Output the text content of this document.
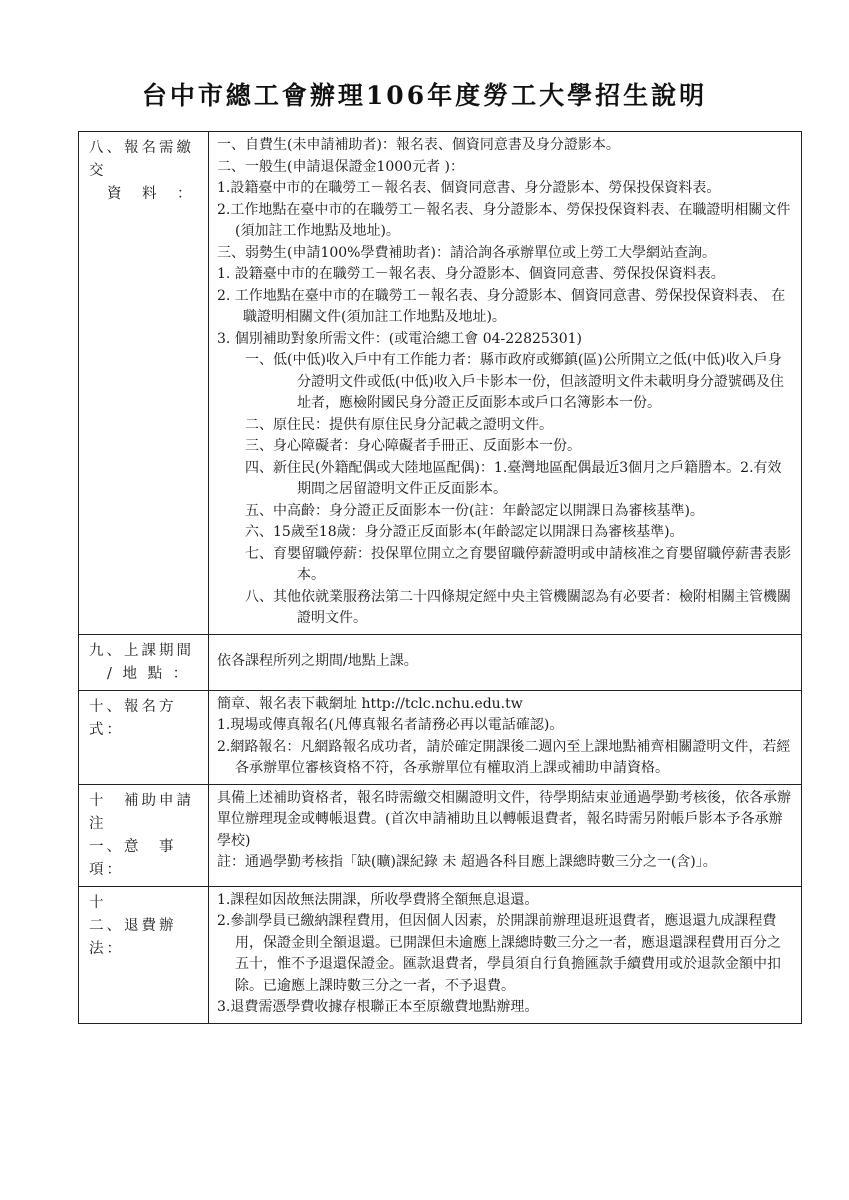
台中市總工會辦理106年度勞工大學招生說明
八、報名需繳交
資　料　：

一、自費生(未申請補助者)：報名表、個資同意書及身分證影本。

二、一般生(申請退保證金1000元者 )：

1.設籍臺中市的在職勞工－報名表、個資同意書、身分證影本、勞保投保資料表。

2.工作地點在臺中市的在職勞工－報名表、身分證影本、勞保投保資料表、在職證明相關文件(須加註工作地點及地址)。

三、弱勢生(申請100%學費補助者)：請洽詢各承辦單位或上勞工大學網站查詢。

1. 設籍臺中市的在職勞工－報名表、身分證影本、個資同意書、勞保投保資料表。

2. 工作地點在臺中市的在職勞工－報名表、身分證影本、個資同意書、勞保投保資料表、 在職證明相關文件(須加註工作地點及地址)。

3. 個別補助對象所需文件：(或電洽總工會 04-22825301)

一、低(中低)收入戶中有工作能力者：縣市政府或鄉鎮(區)公所開立之低(中低)收入戶身分證明文件或低(中低)收入戶卡影本一份，但該證明文件未載明身分證號碼及住址者，應檢附國民身分證正反面影本或戶口名簿影本一份。

二、原住民：提供有原住民身分記載之證明文件。

三、身心障礙者：身心障礙者手冊正、反面影本一份。

四、新住民(外籍配偶或大陸地區配偶)：1.臺灣地區配偶最近3個月之戶籍謄本。2.有效期間之居留證明文件正反面影本。

五、中高齡：身分證正反面影本一份(註：年齡認定以開課日為審核基準)。

六、15歲至18歲：身分證正反面影本(年齡認定以開課日為審核基準)。

七、育嬰留職停薪：投保單位開立之育嬰留職停薪證明或申請核准之育嬰留職停薪書表影本。

八、其他依就業服務法第二十四條規定經中央主管機關認為有必要者：檢附相關主管機關證明文件。

九、上課期間
/ 地 點 ：

依各課程所列之期間/地點上課。

十、報名方式：

簡章、報名表下載網址 http://tclc.nchu.edu.tw

1.現場或傳真報名(凡傳真報名者請務必再以電話確認)。

2.網路報名：凡網路報名成功者，請於確定開課後二週內至上課地點補齊相關證明文件，若經各承辦單位審核資格不符，各承辦單位有權取消上課或補助申請資格。

十　補助申請注
一、意　事　項：

具備上述補助資格者，報名時需繳交相關證明文件，待學期結束並通過學勤考核後，依各承辦單位辦理現金或轉帳退費。(首次申請補助且以轉帳退費者，報名時需另附帳戶影本予各承辦學校)

註：通過學勤考核指「缺(曠)課紀錄 未 超過各科目應上課總時數三分之一(含)」。

十
二、退費辦法：

1.課程如因故無法開課，所收學費將全額無息退還。

2.參訓學員已繳納課程費用，但因個人因素，於開課前辦理退班退費者，應退還九成課程費用，保證金則全額退還。已開課但未逾應上課總時數三分之一者，應退還課程費用百分之五十，惟不予退還保證金。匯款退費者，學員須自行負擔匯款手續費用或於退款金額中扣除。已逾應上課時數三分之一者，不予退費。

3.退費需憑學費收據存根聯正本至原繳費地點辦理。
